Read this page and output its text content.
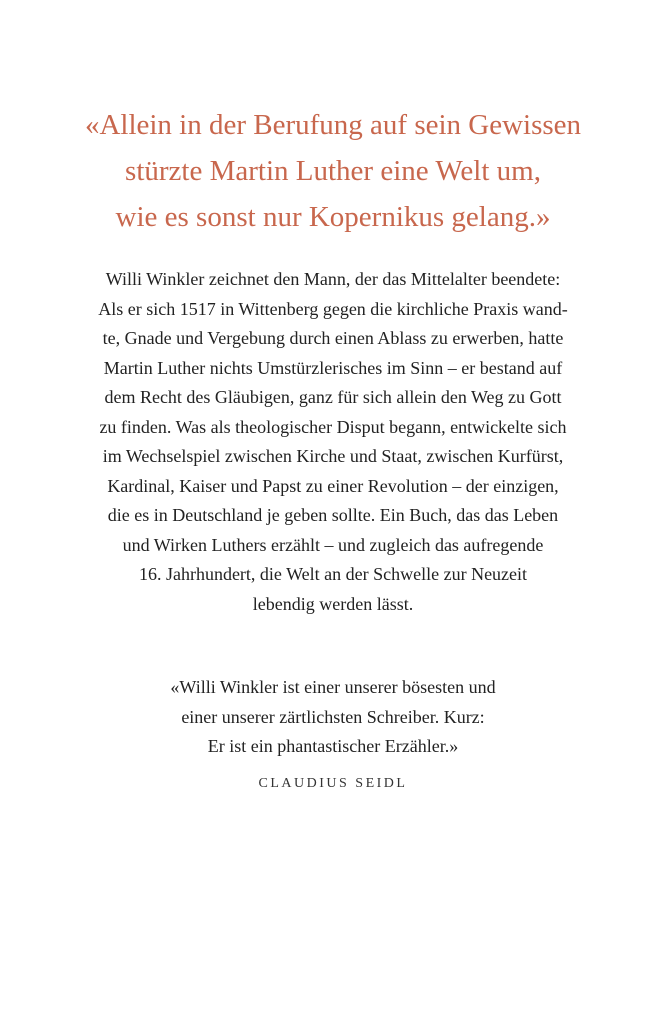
«Allein in der Berufung auf sein Gewissen
stürzte Martin Luther eine Welt um,
wie es sonst nur Kopernikus gelang.»
Willi Winkler zeichnet den Mann, der das Mittelalter beendete:
Als er sich 1517 in Wittenberg gegen die kirchliche Praxis wand-
te, Gnade und Vergebung durch einen Ablass zu erwerben, hatte
Martin Luther nichts Umstürzlerisches im Sinn – er bestand auf
dem Recht des Gläubigen, ganz für sich allein den Weg zu Gott
zu finden. Was als theologischer Disput begann, entwickelte sich
im Wechselspiel zwischen Kirche und Staat, zwischen Kurfürst,
Kardinal, Kaiser und Papst zu einer Revolution – der einzigen,
die es in Deutschland je geben sollte. Ein Buch, das das Leben
und Wirken Luthers erzählt – und zugleich das aufregende
16. Jahrhundert, die Welt an der Schwelle zur Neuzeit
lebendig werden lässt.
«Willi Winkler ist einer unserer bösesten und
einer unserer zärtlichsten Schreiber. Kurz:
Er ist ein phantastischer Erzähler.»
CLAUDIUS SEIDL
